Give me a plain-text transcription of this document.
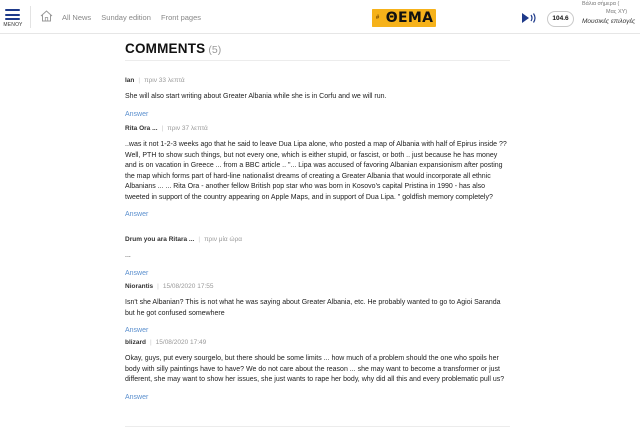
ΜΕΝΟΥ
All News Sunday edition Front pages	# ΘΕΜΑ	104.6
Βάλια σήμερα (
Μας XY)
Μουσικές επιλογές
COMMENTS (5)
Ian | πριν 33 λεπτά
She will also start writing about Greater Albania while she is in Corfu and we will run.
Answer
Rita Ora ... | πριν 37 λεπτά
..was it not 1-2-3 weeks ago that he said to leave Dua Lipa alone, who posted a map of Albania with half of Epirus inside ?? Well, PTH to show such things, but not every one, which is either stupid, or fascist, or both .. just because he has money and is on vacation in Greece ... from a BBC article .. "... Lipa was accused of favoring Albanian expansionism after posting the map which forms part of hard-line nationalist dreams of creating a Greater Albania that would incorporate all ethnic Albanians ... ... Rita Ora - another fellow British pop star who was born in Kosovo's capital Pristina in 1990 - has also tweeted in support of the country appearing on Apple Maps, and in support of Dua Lipa. " goldfish memory completely?
Answer
Drum you ara Ritara ... | πριν μία ώρα
...
Answer
Niorantis | 15/08/2020 17:55
Isn't she Albanian? This is not what he was saying about Greater Albania, etc. He probably wanted to go to Agioi Saranda but he got confused somewhere
Answer
blizard | 15/08/2020 17:49
Okay, guys, put every sourgelo, but there should be some limits ... how much of a problem should the one who spoils her body with silly paintings have to have? We do not care about the reason ... she may want to become a transformer or just different, she may want to show her issues, she just wants to rape her body, why did all this and every problematic pull us?
Answer
